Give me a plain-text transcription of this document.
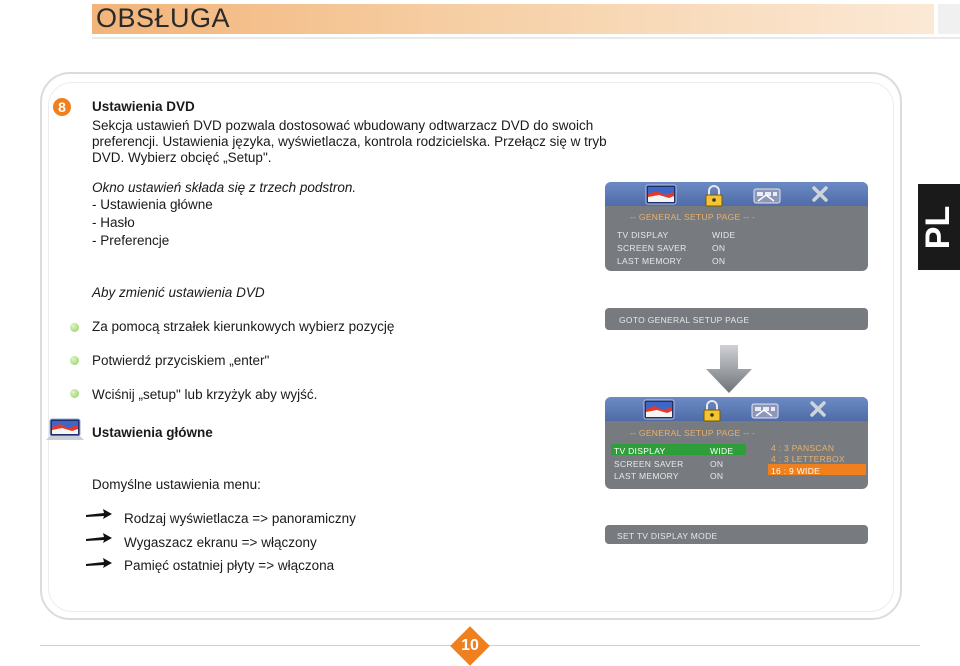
OBSŁUGA
PL
8	Ustawienia DVD
Sekcja ustawień DVD pozwala dostosować wbudowany odtwarzacz DVD do swoich
preferencji. Ustawienia języka, wyświetlacza, kontrola rodzicielska. Przełącz się w tryb
DVD. Wybierz obcięć „Setup".
Okno ustawień składa się z trzech podstron.
- Ustawienia główne
- Hasło
- Preferencje
Aby zmienić ustawienia DVD
Za pomocą strzałek kierunkowych wybierz pozycję
Potwierdź przyciskiem „enter"
Wciśnij „setup" lub krzyżyk aby wyjść.
Ustawienia główne
Domyślne ustawienia menu:
Rodzaj wyświetlacza => panoramiczny
Wygaszacz ekranu => włączony
Pamięć ostatniej płyty => włączona
-- GENERAL SETUP PAGE -- -
TV DISPLAY	WIDE
SCREEN SAVER	ON
LAST MEMORY	ON
GOTO GENERAL SETUP PAGE
-- GENERAL SETUP PAGE -- -
TV DISPLAY	WIDE
SCREEN SAVER	ON
LAST MEMORY	ON
4 : 3 PANSCAN
4 : 3 LETTERBOX
16 : 9 WIDE
SET TV DISPLAY MODE
10
